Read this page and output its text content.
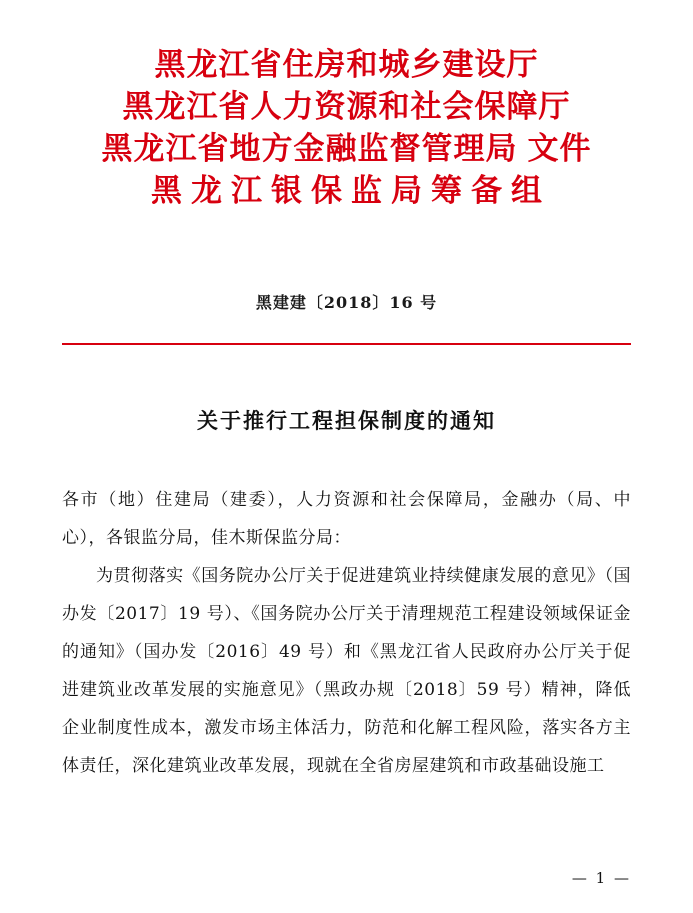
黑龙江省住房和城乡建设厅
黑龙江省人力资源和社会保障厅
黑龙江省地方金融监督管理局 文件
黑龙江银保监局筹备组
黑建建〔2018〕16 号
关于推行工程担保制度的通知

各市（地）住建局（建委），人力资源和社会保障局，金融办（局、中心），各银监分局，佳木斯保监分局：

为贯彻落实《国务院办公厅关于促进建筑业持续健康发展的意见》（国办发〔2017〕19 号）、《国务院办公厅关于清理规范工程建设领域保证金的通知》（国办发〔2016〕49 号）和《黑龙江省人民政府办公厅关于促进建筑业改革发展的实施意见》（黑政办规〔2018〕59 号）精神，降低企业制度性成本，激发市场主体活力，防范和化解工程风险，落实各方主体责任，深化建筑业改革发展，现就在全省房屋建筑和市政基础设施工

— 1 —
